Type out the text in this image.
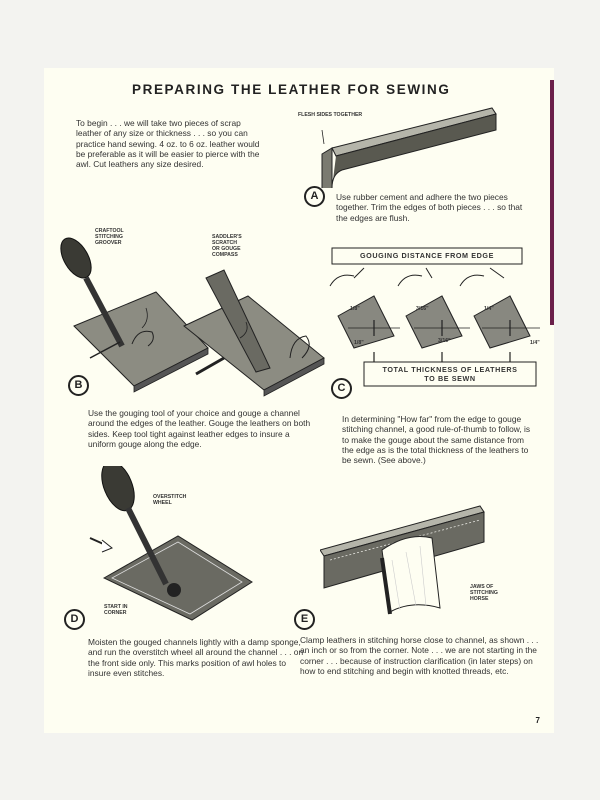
PREPARING THE LEATHER FOR SEWING
To begin . . . we will take two pieces of scrap leather of any size or thickness . . . so you can practice hand sewing. 4 oz. to 6 oz. leather would be preferable as it will be easier to pierce with the awl. Cut leathers any size desired.
FLESH SIDES TOGETHER
A	Use rubber cement and adhere the two pieces together. Trim the edges of both pieces . . . so that the edges are flush.
CRAFTOOL
STITCHING
GROOVER
SADDLER'S
SCRATCH
OR GOUGE
COMPASS
B
Use the gouging tool of your choice and gouge a channel around the edges of the leather. Gouge the leathers on both sides. Keep tool tight against leather edges to insure a uniform gouge along the edge.
GOUGING DISTANCE FROM EDGE
TOTAL THICKNESS OF LEATHERS
TO BE SEWN
1/8"	3/16"	1/4"
1/8"	3/16"	1/4"
C
In determining "How far" from the edge to gouge stitching channel, a good rule-of-thumb to follow, is to make the gouge about the same distance from the edge as is the total thickness of the leathers to be sewn. (See above.)
OVERSTITCH
WHEEL
START IN
CORNER
D
Moisten the gouged channels lightly with a damp sponge, and run the overstitch wheel all around the channel . . . on the front side only. This marks position of awl holes to insure even stitches.
JAWS OF
STITCHING
HORSE
E
Clamp leathers in stitching horse close to channel, as shown . . . an inch or so from the corner. Note . . . we are not starting in the corner . . . because of instruction clarification (in later steps) on how to end stitching and begin with knotted threads, etc.
7
